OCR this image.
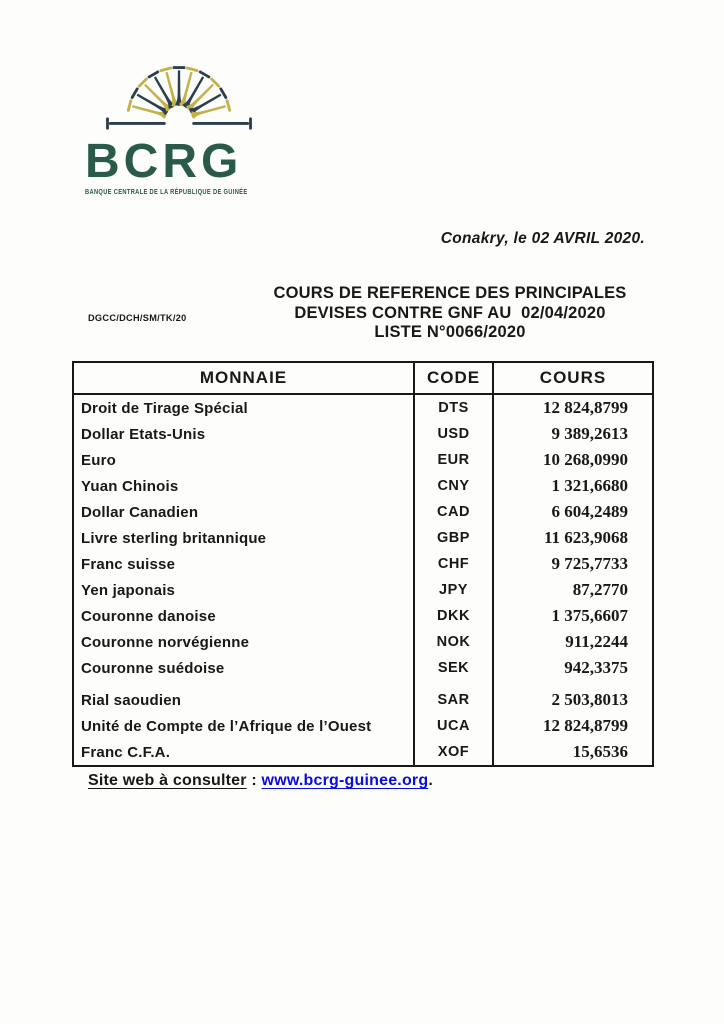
BCRG
BANQUE CENTRALE DE LA RÉPUBLIQUE DE GUINÉE
Conakry, le 02 AVRIL 2020.
DGCC/DCH/SM/TK/20
COURS DE REFERENCE DES PRINCIPALES
DEVISES CONTRE GNF AU  02/04/2020
LISTE N°0066/2020
MONNAIE	CODE	COURS
Droit de Tirage Spécial	DTS	12 824,8799
Dollar Etats-Unis	USD	9 389,2613
Euro	EUR	10 268,0990
Yuan Chinois	CNY	1 321,6680
Dollar Canadien	CAD	6 604,2489
Livre sterling britannique	GBP	11 623,9068
Franc suisse	CHF	9 725,7733
Yen japonais	JPY	87,2770
Couronne danoise	DKK	1 375,6607
Couronne norvégienne	NOK	911,2244
Couronne suédoise	SEK	942,3375
Rial saoudien	SAR	2 503,8013
Unité de Compte de l’Afrique de l’Ouest	UCA	12 824,8799
Franc C.F.A.	XOF	15,6536
Site web à consulter : www.bcrg-guinee.org.
